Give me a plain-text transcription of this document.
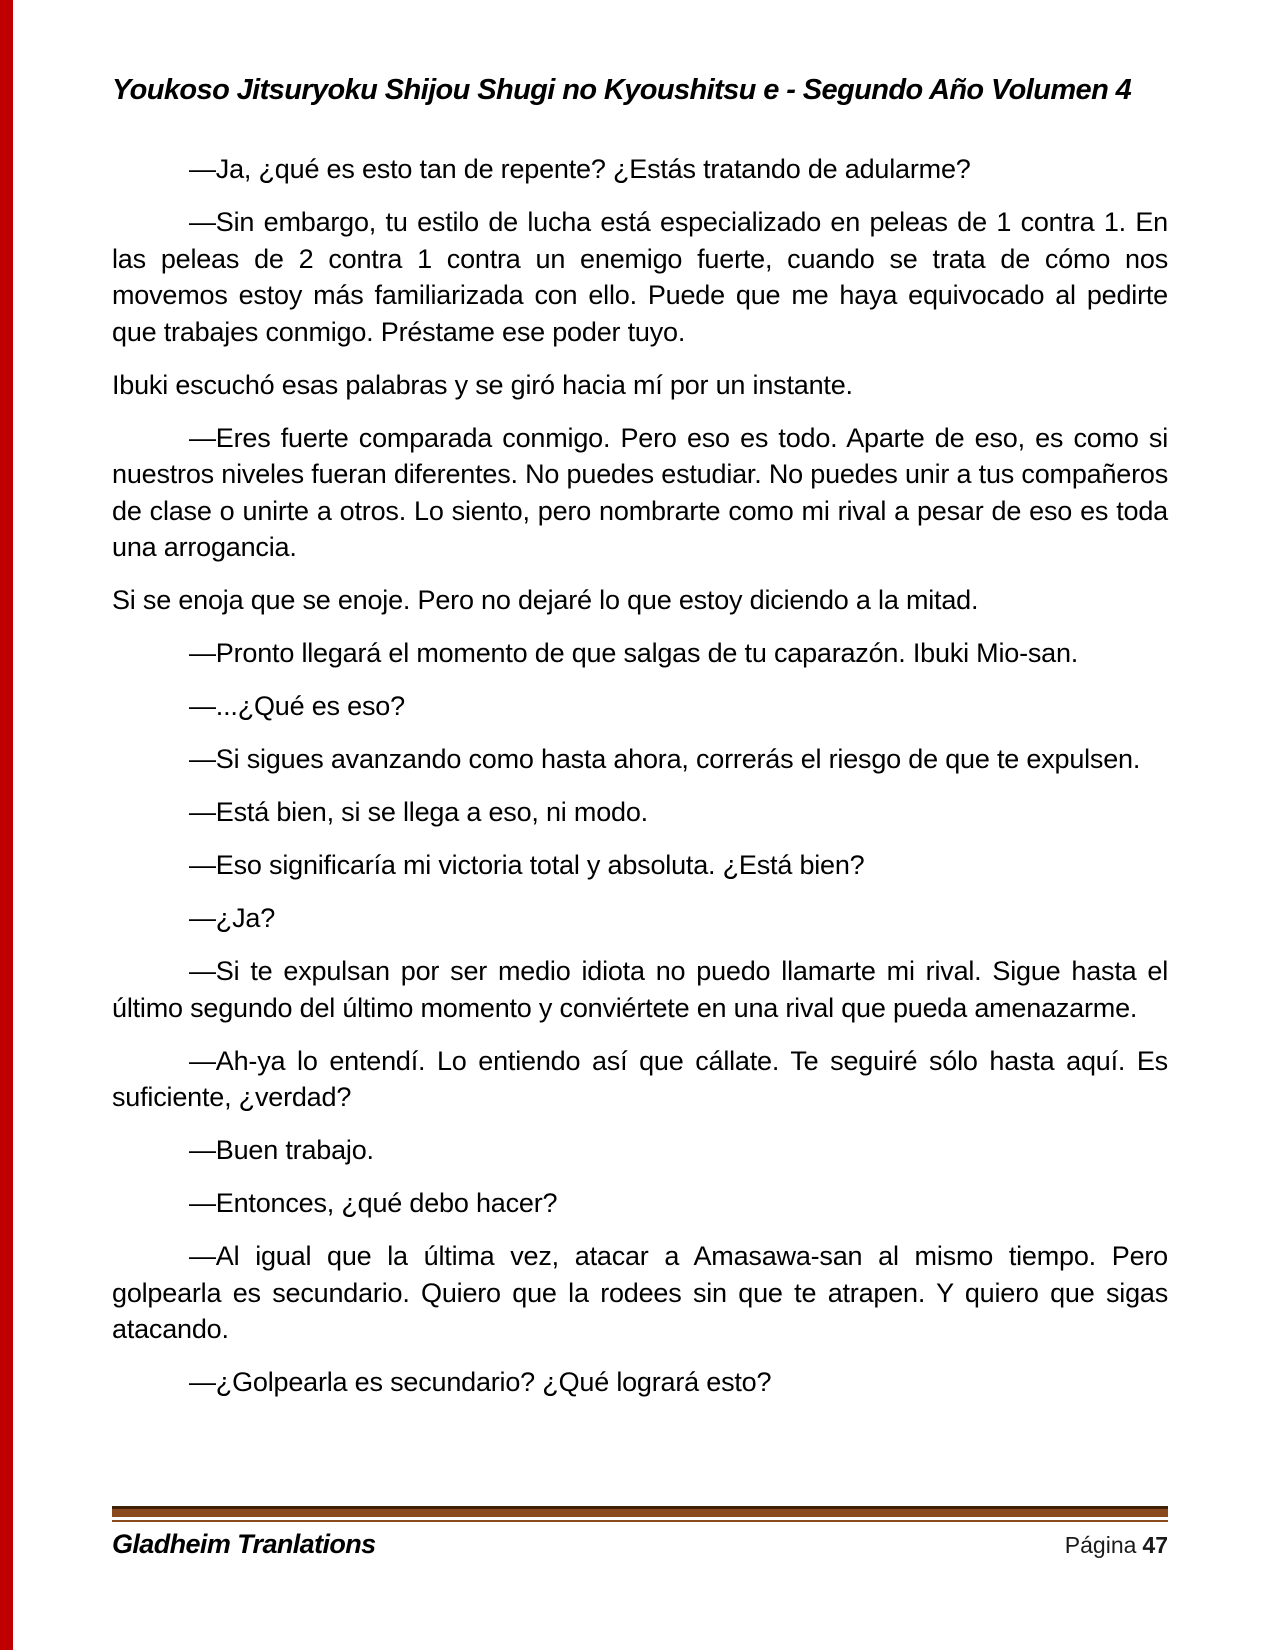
Youkoso Jitsuryoku Shijou Shugi no Kyoushitsu e - Segundo Año Volumen 4

—Ja, ¿qué es esto tan de repente? ¿Estás tratando de adularme?

—Sin embargo, tu estilo de lucha está especializado en peleas de 1 contra 1. En las peleas de 2 contra 1 contra un enemigo fuerte, cuando se trata de cómo nos movemos estoy más familiarizada con ello. Puede que me haya equivocado al pedirte que trabajes conmigo. Préstame ese poder tuyo.

Ibuki escuchó esas palabras y se giró hacia mí por un instante.

—Eres fuerte comparada conmigo. Pero eso es todo. Aparte de eso, es como si nuestros niveles fueran diferentes. No puedes estudiar. No puedes unir a tus compañeros de clase o unirte a otros. Lo siento, pero nombrarte como mi rival a pesar de eso es toda una arrogancia.

Si se enoja que se enoje. Pero no dejaré lo que estoy diciendo a la mitad.

—Pronto llegará el momento de que salgas de tu caparazón. Ibuki Mio-san.

—...¿Qué es eso?

—Si sigues avanzando como hasta ahora, correrás el riesgo de que te expulsen.

—Está bien, si se llega a eso, ni modo.

—Eso significaría mi victoria total y absoluta. ¿Está bien?

—¿Ja?

—Si te expulsan por ser medio idiota no puedo llamarte mi rival. Sigue hasta el último segundo del último momento y conviértete en una rival que pueda amenazarme.

—Ah-ya lo entendí. Lo entiendo así que cállate. Te seguiré sólo hasta aquí. Es suficiente, ¿verdad?

—Buen trabajo.

—Entonces, ¿qué debo hacer?

—Al igual que la última vez, atacar a Amasawa-san al mismo tiempo. Pero golpearla es secundario. Quiero que la rodees sin que te atrapen. Y quiero que sigas atacando.

—¿Golpearla es secundario? ¿Qué logrará esto?

Gladheim Tranlations	Página 47
